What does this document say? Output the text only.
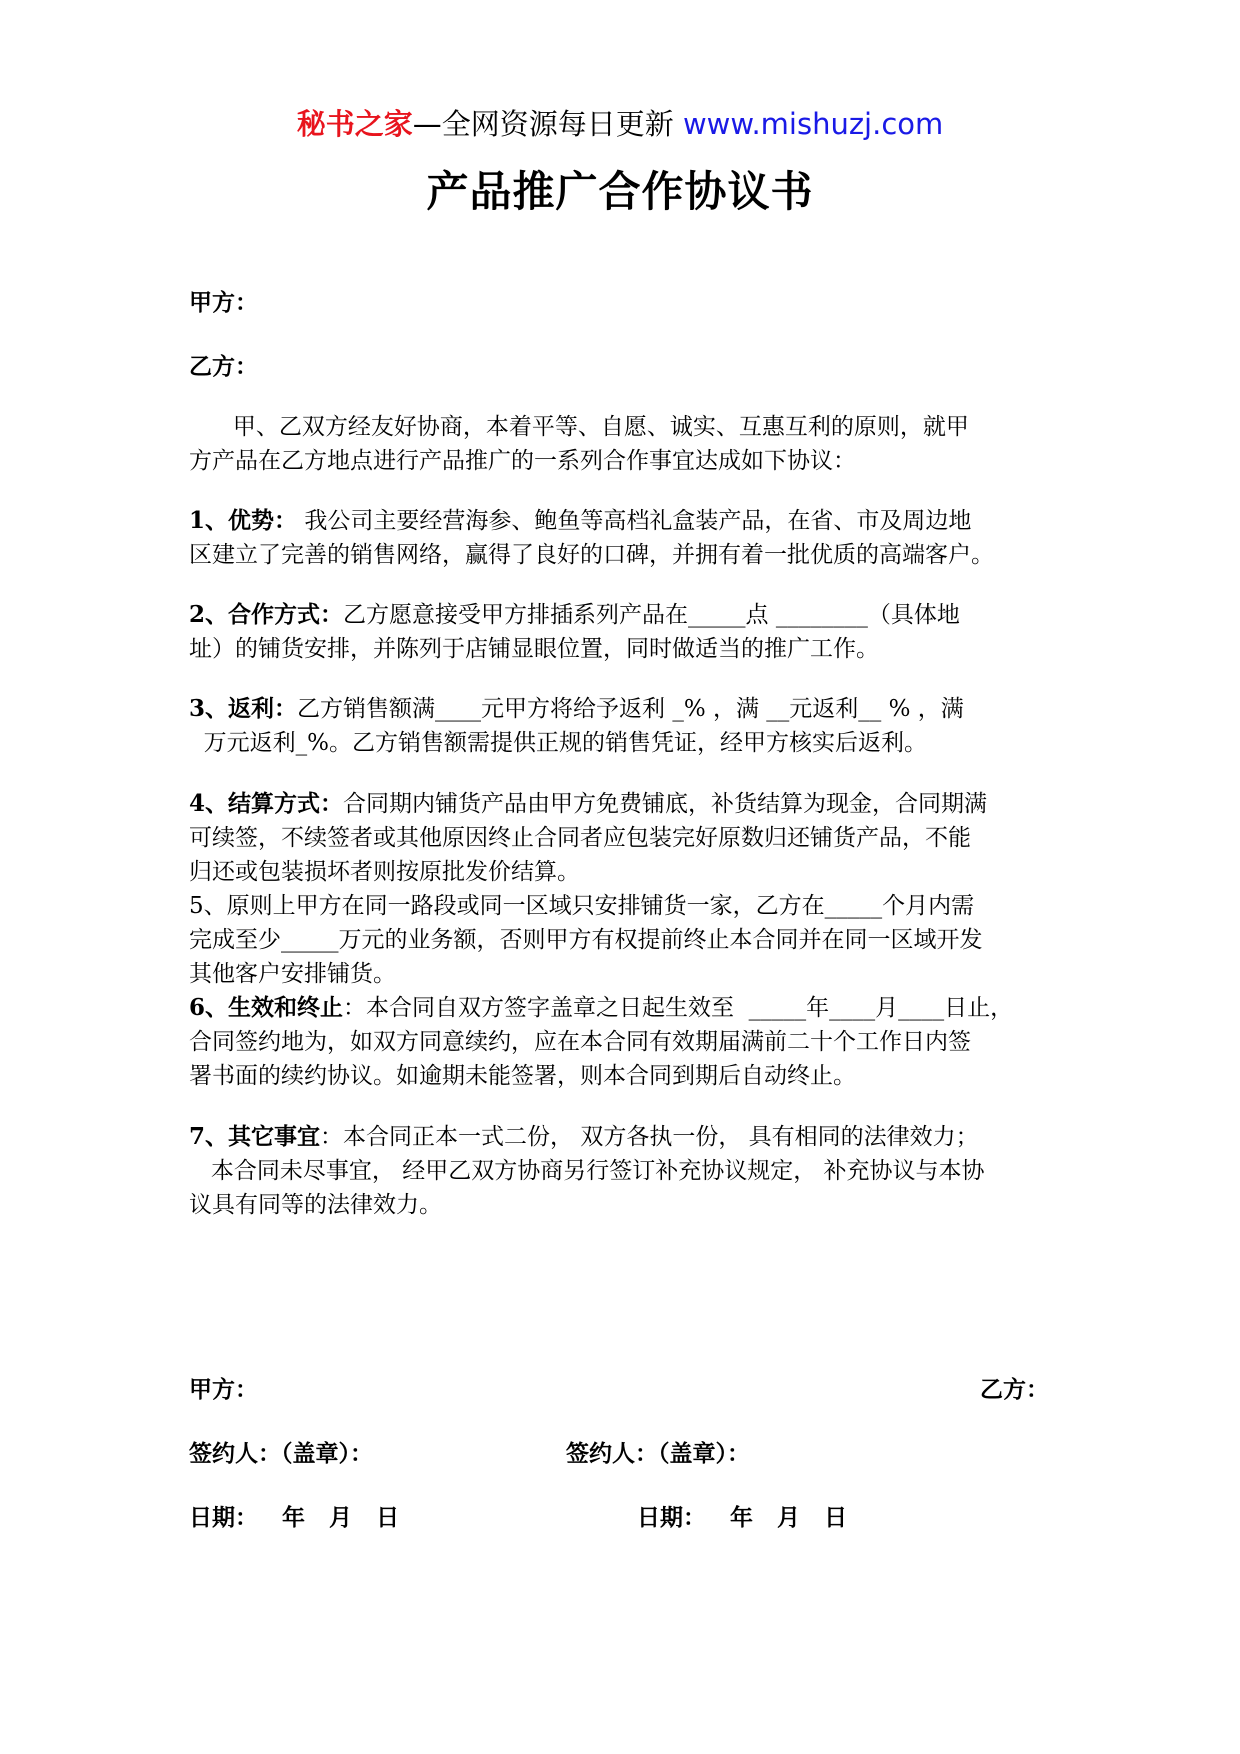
秘书之家—全网资源每日更新 www.mishuzj.com
产品推广合作协议书
甲方：
乙方：
甲、乙双方经友好协商，本着平等、自愿、诚实、互惠互利的原则，就甲
方产品在乙方地点进行产品推广的一系列合作事宜达成如下协议：
1、优势： 我公司主要经营海参、鲍鱼等高档礼盒装产品，在省、市及周边地
区建立了完善的销售网络，赢得了良好的口碑，并拥有着一批优质的高端客户。
2、合作方式：乙方愿意接受甲方排插系列产品在_____点 ________（具体地
址）的铺货安排，并陈列于店铺显眼位置，同时做适当的推广工作。
3、返利：乙方销售额满____元甲方将给予返利 _% ，满 __元返利__ % ，满
万元返利_%。乙方销售额需提供正规的销售凭证，经甲方核实后返利。
4、结算方式：合同期内铺货产品由甲方免费铺底，补货结算为现金，合同期满
可续签，不续签者或其他原因终止合同者应包装完好原数归还铺货产品，不能
归还或包装损坏者则按原批发价结算。
5、原则上甲方在同一路段或同一区域只安排铺货一家，乙方在_____个月内需
完成至少_____万元的业务额，否则甲方有权提前终止本合同并在同一区域开发
其他客户安排铺货。
6、生效和终止：本合同自双方签字盖章之日起生效至  _____年____月____日止，
合同签约地为，如双方同意续约，应在本合同有效期届满前二十个工作日内签
署书面的续约协议。如逾期未能签署，则本合同到期后自动终止。
7、其它事宜：本合同正本一式二份， 双方各执一份， 具有相同的法律效力；
本合同未尽事宜， 经甲乙双方协商另行签订补充协议规定， 补充协议与本协
议具有同等的法律效力。
甲方：	乙方：
签约人：（盖章）：	签约人：（盖章）：
日期：   年   月   日	日期：   年   月   日
